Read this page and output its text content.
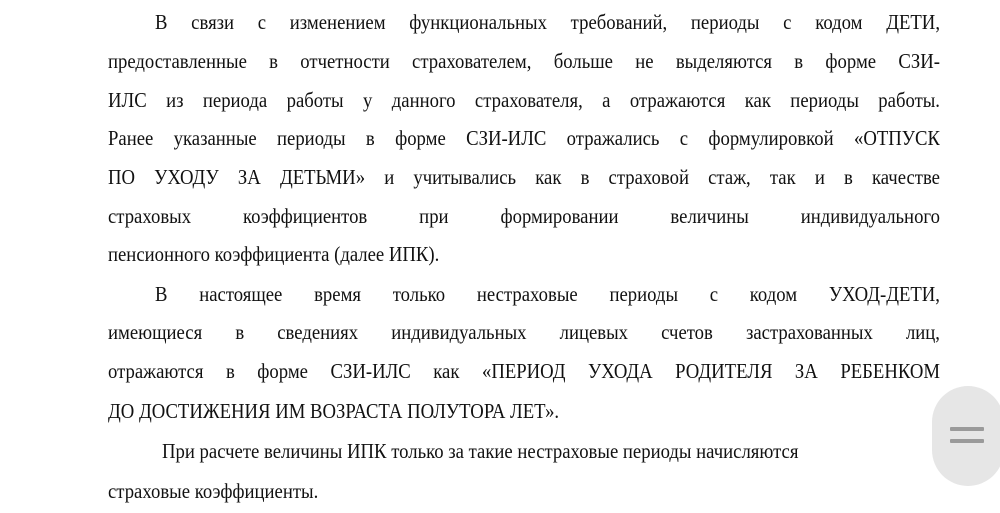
В связи с изменением функциональных требований, периоды с кодом ДЕТИ,
предоставленные в отчетности страхователем, больше не выделяются в форме СЗИ-
ИЛС из периода работы у данного страхователя, а отражаются как периоды работы.
Ранее указанные периоды в форме СЗИ-ИЛС отражались с формулировкой «ОТПУСК
ПО УХОДУ ЗА ДЕТЬМИ» и учитывались как в страховой стаж, так и в качестве
страховых коэффициентов при формировании величины индивидуального
пенсионного коэффициента (далее ИПК).
В настоящее время только нестраховые периоды с кодом УХОД-ДЕТИ,
имеющиеся в сведениях индивидуальных лицевых счетов застрахованных лиц,
отражаются в форме СЗИ-ИЛС как «ПЕРИОД УХОДА РОДИТЕЛЯ ЗА РЕБЕНКОМ
ДО ДОСТИЖЕНИЯ ИМ ВОЗРАСТА ПОЛУТОРА ЛЕТ».
При расчете величины ИПК только за такие нестраховые периоды начисляются
страховые коэффициенты.
